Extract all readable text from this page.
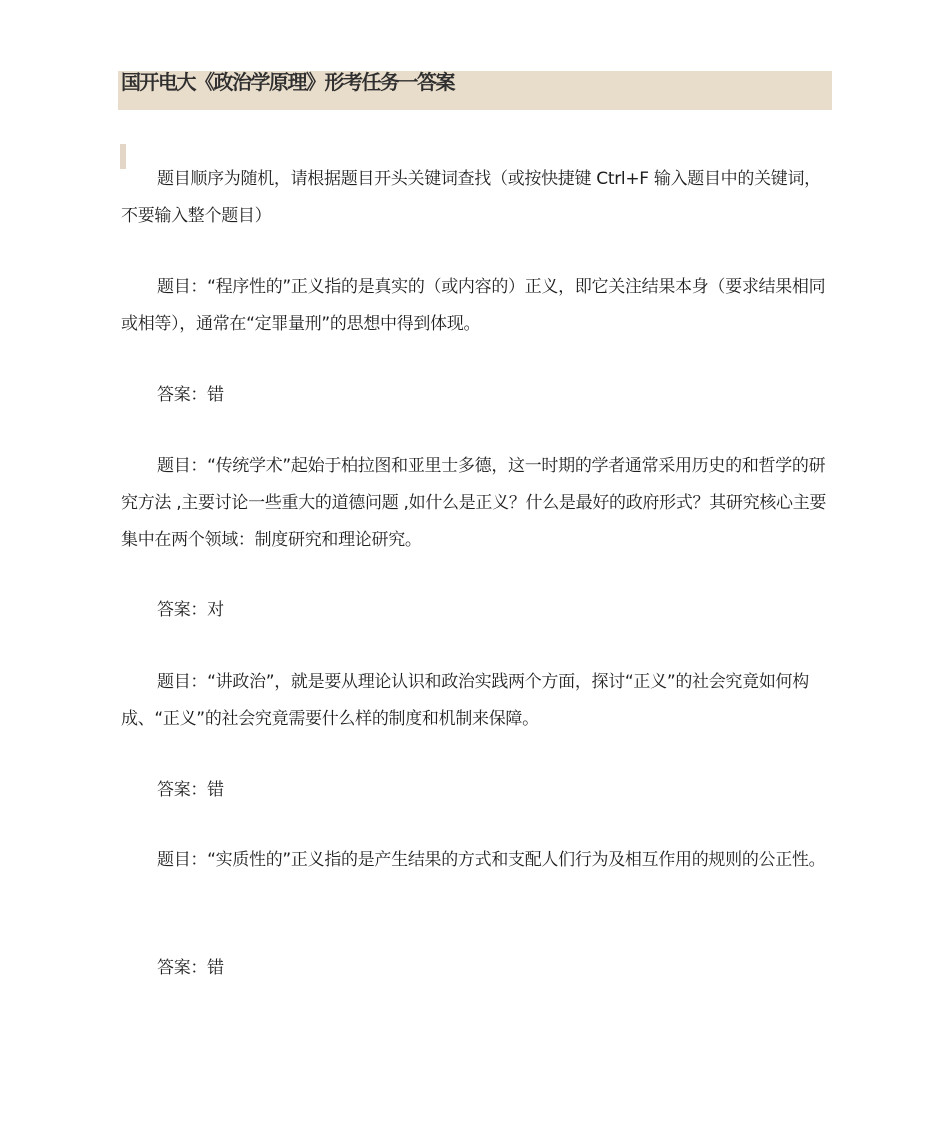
国开电大《政治学原理》形考任务一答案

题目顺序为随机，请根据题目开头关键词查找（或按快捷键 Ctrl+F 输入题目中的关键词，不要输入整个题目）

题目：“程序性的”正义指的是真实的（或内容的）正义，即它关注结果本身（要求结果相同或相等），通常在“定罪量刑”的思想中得到体现。

答案：错

题目：“传统学术”起始于柏拉图和亚里士多德，这一时期的学者通常采用历史的和哲学的研究方法 ,主要讨论一些重大的道德问题 ,如什么是正义？什么是最好的政府形式？其研究核心主要集中在两个领域：制度研究和理论研究。

答案：对

题目：“讲政治”，就是要从理论认识和政治实践两个方面，探讨“正义”的社会究竟如何构成、“正义”的社会究竟需要什么样的制度和机制来保障。

答案：错

题目：“实质性的”正义指的是产生结果的方式和支配人们行为及相互作用的规则的公正性。

答案：错
